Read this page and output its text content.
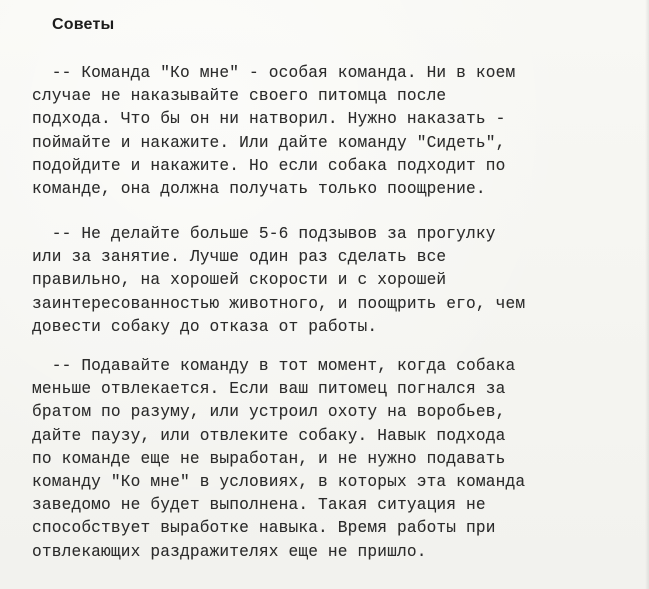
Советы
-- Команда "Ко мне" - особая команда. Ни в коем
случае не наказывайте своего питомца после
подхода. Что бы он ни натворил. Нужно наказать -
поймайте и накажите. Или дайте команду "Сидеть",
подойдите и накажите. Но если собака подходит по
команде, она должна получать только поощрение.
-- Не делайте больше 5-6 подзывов за прогулку
или за занятие. Лучше один раз сделать все
правильно, на хорошей скорости и с хорошей
заинтересованностью животного, и поощрить его, чем
довести собаку до отказа от работы.
-- Подавайте команду в тот момент, когда собака
меньше отвлекается. Если ваш питомец погнался за
братом по разуму, или устроил охоту на воробьев,
дайте паузу, или отвлеките собаку. Навык подхода
по команде еще не выработан, и не нужно подавать
команду "Ко мне" в условиях, в которых эта команда
заведомо не будет выполнена. Такая ситуация не
способствует выработке навыка. Время работы при
отвлекающих раздражителях еще не пришло.
